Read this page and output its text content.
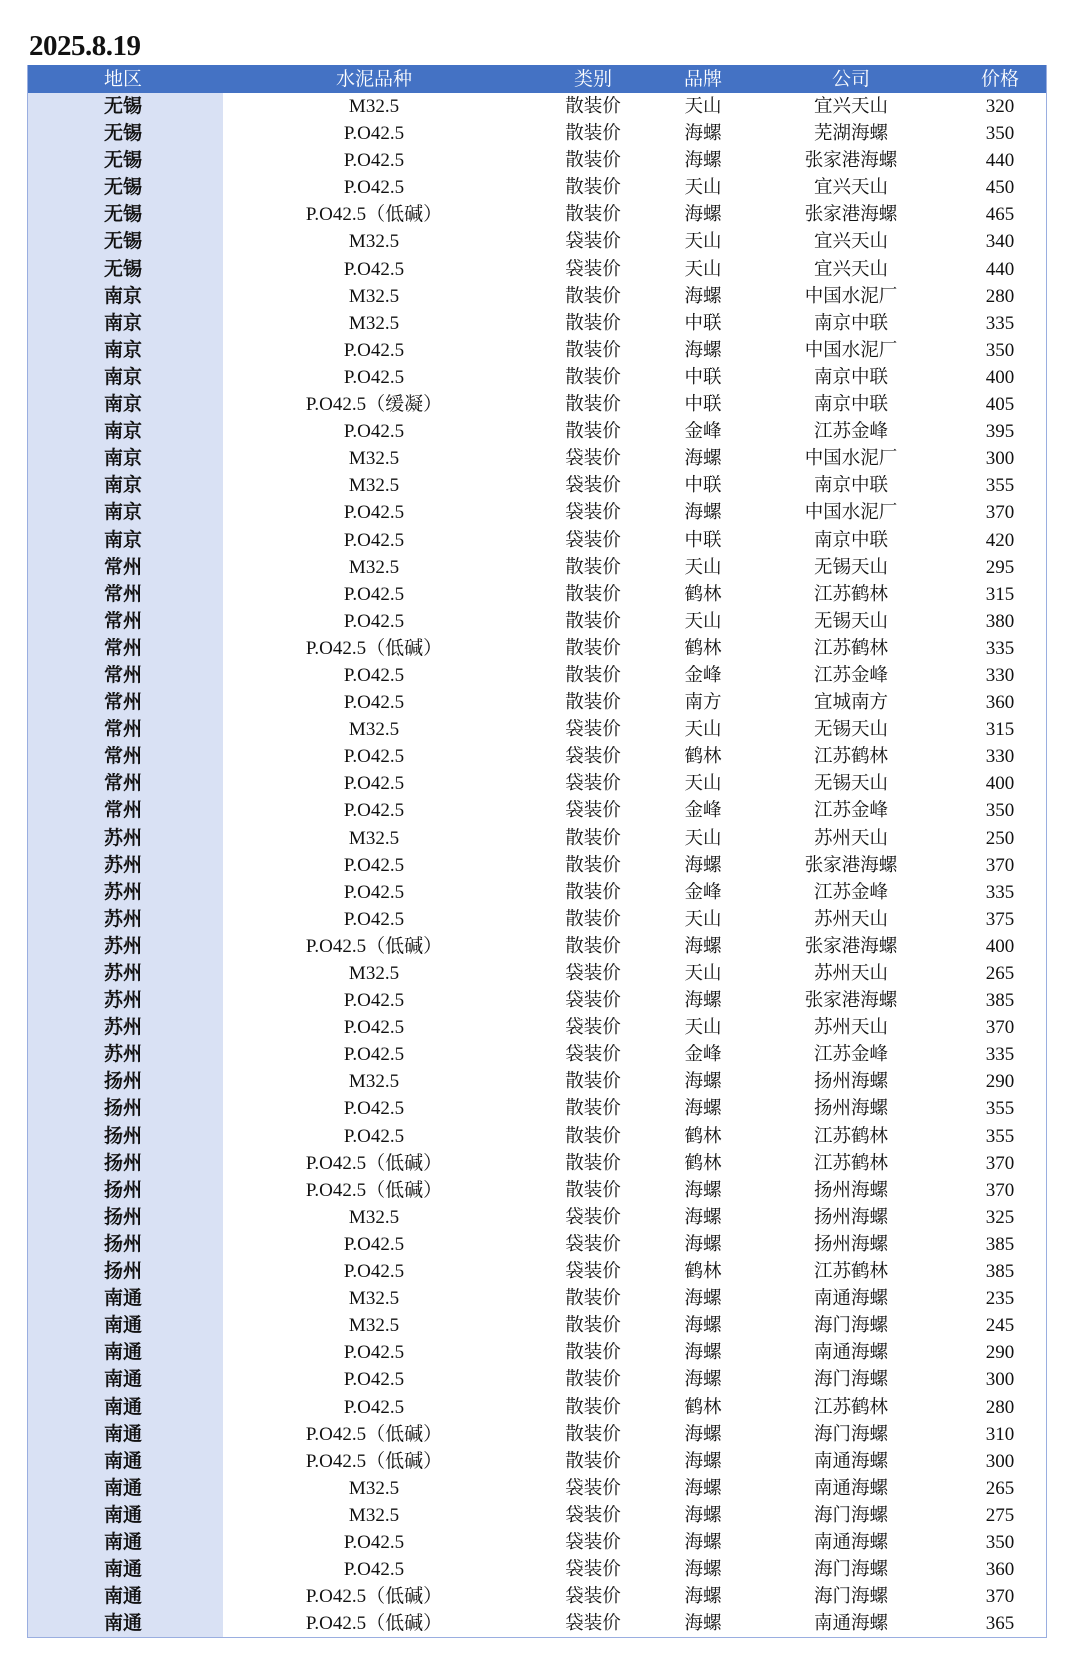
2025.8.19
地区	水泥品种	类别	品牌	公司	价格
无锡	M32.5	散装价	天山	宜兴天山	320
无锡	P.O42.5	散装价	海螺	芜湖海螺	350
无锡	P.O42.5	散装价	海螺	张家港海螺	440
无锡	P.O42.5	散装价	天山	宜兴天山	450
无锡	P.O42.5（低碱）	散装价	海螺	张家港海螺	465
无锡	M32.5	袋装价	天山	宜兴天山	340
无锡	P.O42.5	袋装价	天山	宜兴天山	440
南京	M32.5	散装价	海螺	中国水泥厂	280
南京	M32.5	散装价	中联	南京中联	335
南京	P.O42.5	散装价	海螺	中国水泥厂	350
南京	P.O42.5	散装价	中联	南京中联	400
南京	P.O42.5（缓凝）	散装价	中联	南京中联	405
南京	P.O42.5	散装价	金峰	江苏金峰	395
南京	M32.5	袋装价	海螺	中国水泥厂	300
南京	M32.5	袋装价	中联	南京中联	355
南京	P.O42.5	袋装价	海螺	中国水泥厂	370
南京	P.O42.5	袋装价	中联	南京中联	420
常州	M32.5	散装价	天山	无锡天山	295
常州	P.O42.5	散装价	鹤林	江苏鹤林	315
常州	P.O42.5	散装价	天山	无锡天山	380
常州	P.O42.5（低碱）	散装价	鹤林	江苏鹤林	335
常州	P.O42.5	散装价	金峰	江苏金峰	330
常州	P.O42.5	散装价	南方	宜城南方	360
常州	M32.5	袋装价	天山	无锡天山	315
常州	P.O42.5	袋装价	鹤林	江苏鹤林	330
常州	P.O42.5	袋装价	天山	无锡天山	400
常州	P.O42.5	袋装价	金峰	江苏金峰	350
苏州	M32.5	散装价	天山	苏州天山	250
苏州	P.O42.5	散装价	海螺	张家港海螺	370
苏州	P.O42.5	散装价	金峰	江苏金峰	335
苏州	P.O42.5	散装价	天山	苏州天山	375
苏州	P.O42.5（低碱）	散装价	海螺	张家港海螺	400
苏州	M32.5	袋装价	天山	苏州天山	265
苏州	P.O42.5	袋装价	海螺	张家港海螺	385
苏州	P.O42.5	袋装价	天山	苏州天山	370
苏州	P.O42.5	袋装价	金峰	江苏金峰	335
扬州	M32.5	散装价	海螺	扬州海螺	290
扬州	P.O42.5	散装价	海螺	扬州海螺	355
扬州	P.O42.5	散装价	鹤林	江苏鹤林	355
扬州	P.O42.5（低碱）	散装价	鹤林	江苏鹤林	370
扬州	P.O42.5（低碱）	散装价	海螺	扬州海螺	370
扬州	M32.5	袋装价	海螺	扬州海螺	325
扬州	P.O42.5	袋装价	海螺	扬州海螺	385
扬州	P.O42.5	袋装价	鹤林	江苏鹤林	385
南通	M32.5	散装价	海螺	南通海螺	235
南通	M32.5	散装价	海螺	海门海螺	245
南通	P.O42.5	散装价	海螺	南通海螺	290
南通	P.O42.5	散装价	海螺	海门海螺	300
南通	P.O42.5	散装价	鹤林	江苏鹤林	280
南通	P.O42.5（低碱）	散装价	海螺	海门海螺	310
南通	P.O42.5（低碱）	散装价	海螺	南通海螺	300
南通	M32.5	袋装价	海螺	南通海螺	265
南通	M32.5	袋装价	海螺	海门海螺	275
南通	P.O42.5	袋装价	海螺	南通海螺	350
南通	P.O42.5	袋装价	海螺	海门海螺	360
南通	P.O42.5（低碱）	袋装价	海螺	海门海螺	370
南通	P.O42.5（低碱）	袋装价	海螺	南通海螺	365
